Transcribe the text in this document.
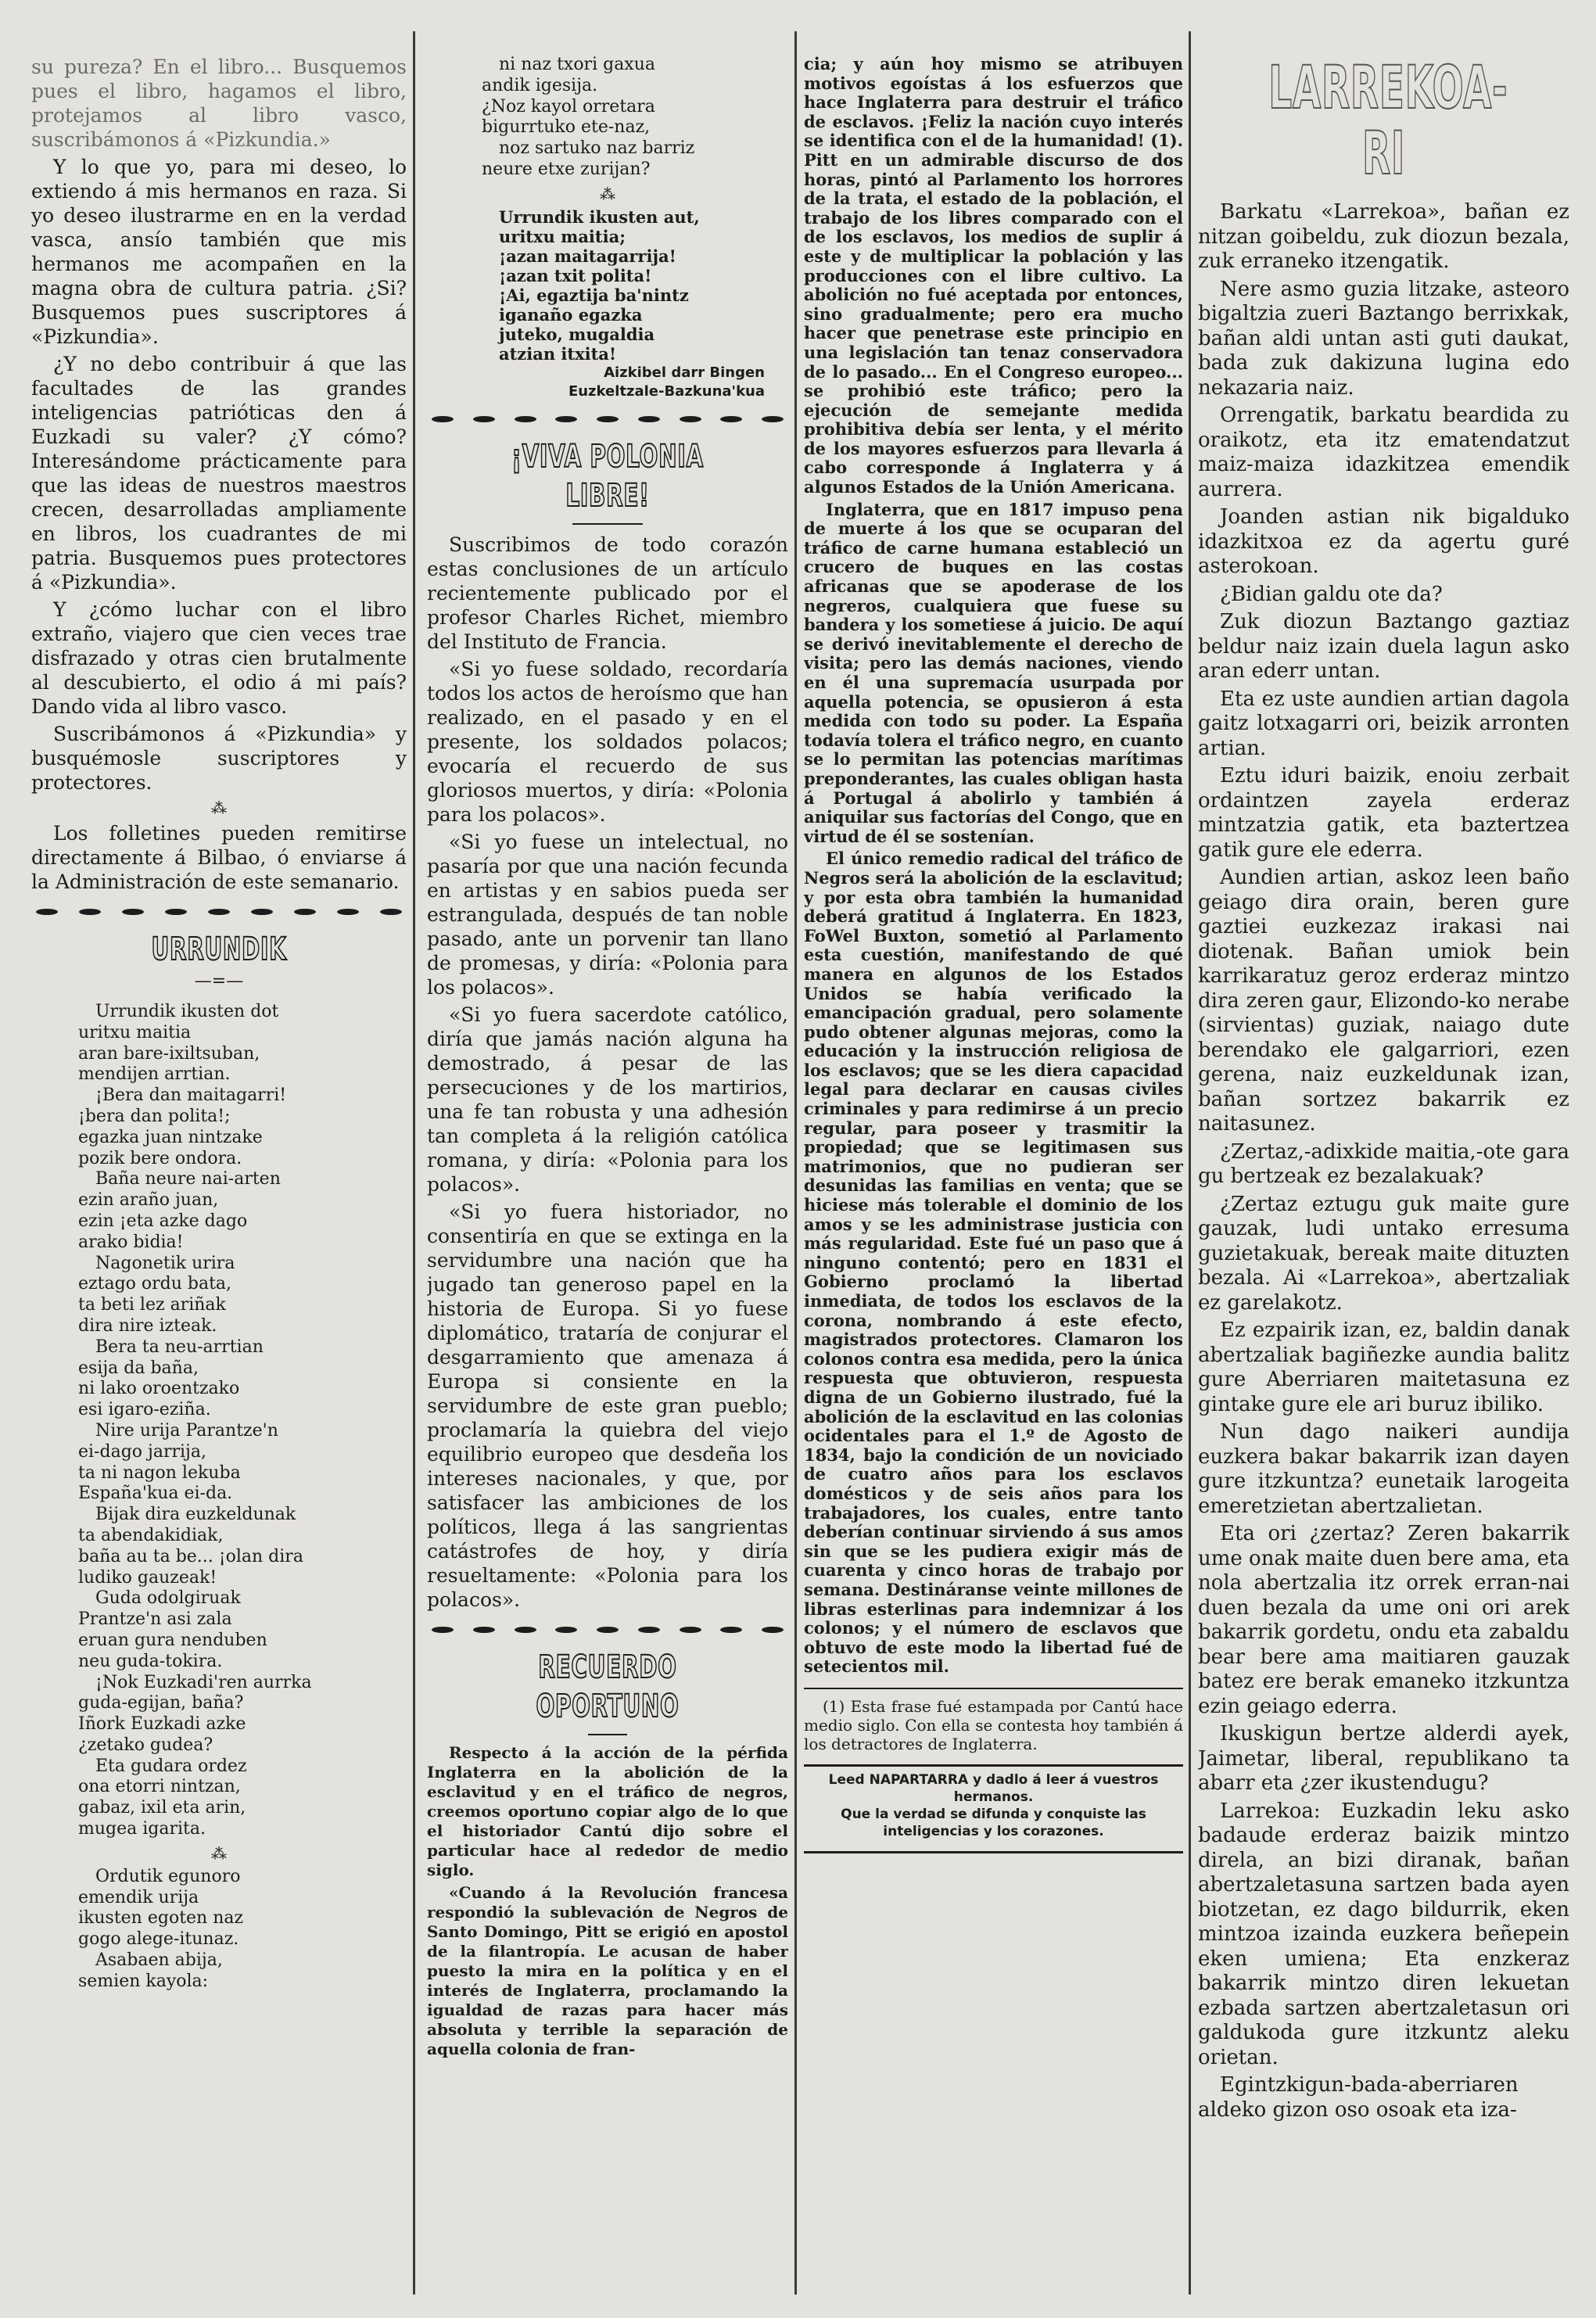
su pureza? En el libro... Busquemos pues el libro, hagamos el libro, protejamos al libro vasco, suscribámonos á «Pizkundia.»

Y lo que yo, para mi deseo, lo extiendo á mis hermanos en raza. Si yo deseo ilustrarme en en la verdad vasca, ansío también que mis hermanos me acompañen en la magna obra de cultura patria. ¿Si? Busquemos pues suscriptores á «Pizkundia».

¿Y no debo contribuir á que las facultades de las grandes inteligencias patrióticas den á Euzkadi su valer? ¿Y cómo? Interesándome prácticamente para que las ideas de nuestros maestros crecen, desarrolladas ampliamente en libros, los cuadrantes de mi patria. Busquemos pues protectores á «Pizkundia».

Y ¿cómo luchar con el libro extraño, viajero que cien veces trae disfrazado y otras cien brutalmente al descubierto, el odio á mi país? Dando vida al libro vasco.

Suscribámonos á «Pizkundia» y busquémosle suscriptores y protectores.

⁂

Los folletines pueden remitirse directamente á Bilbao, ó enviarse á la Administración de este semanario.

URRUNDIK
—=—
Urrundik ikusten dot
uritxu maitia
aran bare-ixiltsuban,
mendijen arrtian.
¡Bera dan maitagarri!
¡bera dan polita!;
egazka juan nintzake
pozik bere ondora.
Baña neure nai-arten
ezin araño juan,
ezin ¡eta azke dago
arako bidia!
Nagonetik urira
eztago ordu bata,
ta beti lez ariñak
dira nire izteak.
Bera ta neu-arrtian
esija da baña,
ni lako oroentzako
esi igaro-eziña.
Nire urija Parantze'n
ei-dago jarrija,
ta ni nagon lekuba
España'kua ei-da.
Bijak dira euzkeldunak
ta abendakidiak,
baña au ta be... ¡olan dira
ludiko gauzeak!
Guda odolgiruak
Prantze'n asi zala
eruan gura nenduben
neu guda-tokira.
¡Nok Euzkadi'ren aurrka
guda-egijan, baña?
Iñork Euzkadi azke
¿zetako gudea?
Eta gudara ordez
ona etorri nintzan,
gabaz, ixil eta arin,
mugea igarita.
⁂
Ordutik egunoro
emendik urija
ikusten egoten naz
gogo alege-itunaz.
Asabaen abija,
semien kayola:
ni naz txori gaxua
andik igesija.
¿Noz kayol orretara
bigurrtuko ete-naz,
noz sartuko naz barriz
neure etxe zurijan?
⁂
Urrundik ikusten aut,
uritxu maitia;
¡azan maitagarrija!
¡azan txit polita!
¡Ai, egaztija ba'nintz
iganaño egazka
juteko, mugaldia
atzian itxita!
Aizkibel darr Bingen
Euzkeltzale-Bazkuna'kua
¡VIVA POLONIA LIBRE!

Suscribimos de todo corazón estas conclusiones de un artículo recientemente publicado por el profesor Charles Richet, miembro del Instituto de Francia.

«Si yo fuese soldado, recordaría todos los actos de heroísmo que han realizado, en el pasado y en el presente, los soldados polacos; evocaría el recuerdo de sus gloriosos muertos, y diría: «Polonia para los polacos».

«Si yo fuese un intelectual, no pasaría por que una nación fecunda en artistas y en sabios pueda ser estrangulada, después de tan noble pasado, ante un porvenir tan llano de promesas, y diría: «Polonia para los polacos».

«Si yo fuera sacerdote católico, diría que jamás nación alguna ha demostrado, á pesar de las persecuciones y de los martirios, una fe tan robusta y una adhesión tan completa á la religión católica romana, y diría: «Polonia para los polacos».

«Si yo fuera historiador, no consentiría en que se extinga en la servidumbre una nación que ha jugado tan generoso papel en la historia de Europa. Si yo fuese diplomático, trataría de conjurar el desgarramiento que amenaza á Europa si consiente en la servidumbre de este gran pueblo; proclamaría la quiebra del viejo equilibrio europeo que desdeña los intereses nacionales, y que, por satisfacer las ambiciones de los políticos, llega á las sangrientas catástrofes de hoy, y diría resueltamente: «Polonia para los polacos».

RECUERDO OPORTUNO

Respecto á la acción de la pérfida Inglaterra en la abolición de la esclavitud y en el tráfico de negros, creemos oportuno copiar algo de lo que el historiador Cantú dijo sobre el particular hace al rededor de medio siglo.

«Cuando á la Revolución francesa respondió la sublevación de Negros de Santo Domingo, Pitt se erigió en apostol de la filantropía. Le acusan de haber puesto la mira en la política y en el interés de Inglaterra, proclamando la igualdad de razas para hacer más absoluta y terrible la separación de aquella colonia de fran-

cia; y aún hoy mismo se atribuyen motivos egoístas á los esfuerzos que hace Inglaterra para destruir el tráfico de esclavos. ¡Feliz la nación cuyo interés se identifica con el de la humanidad! (1). Pitt en un admirable discurso de dos horas, pintó al Parlamento los horrores de la trata, el estado de la población, el trabajo de los libres comparado con el de los esclavos, los medios de suplir á este y de multiplicar la población y las producciones con el libre cultivo. La abolición no fué aceptada por entonces, sino gradualmente; pero era mucho hacer que penetrase este principio en una legislación tan tenaz conservadora de lo pasado... En el Congreso europeo... se prohibió este tráfico; pero la ejecución de semejante medida prohibitiva debía ser lenta, y el mérito de los mayores esfuerzos para llevarla á cabo corresponde á Inglaterra y á algunos Estados de la Unión Americana.

Inglaterra, que en 1817 impuso pena de muerte á los que se ocuparan del tráfico de carne humana estableció un crucero de buques en las costas africanas que se apoderase de los negreros, cualquiera que fuese su bandera y los sometiese á juicio. De aquí se derivó inevitablemente el derecho de visita; pero las demás naciones, viendo en él una supremacía usurpada por aquella potencia, se opusieron á esta medida con todo su poder. La España todavía tolera el tráfico negro, en cuanto se lo permitan las potencias marítimas preponderantes, las cuales obligan hasta á Portugal á abolirlo y también á aniquilar sus factorías del Congo, que en virtud de él se sostenían.

El único remedio radical del tráfico de Negros será la abolición de la esclavitud; y por esta obra también la humanidad deberá gratitud á Inglaterra. En 1823, FoWel Buxton, sometió al Parlamento esta cuestión, manifestando de qué manera en algunos de los Estados Unidos se había verificado la emancipación gradual, pero solamente pudo obtener algunas mejoras, como la educación y la instrucción religiosa de los esclavos; que se les diera capacidad legal para declarar en causas civiles criminales y para redimirse á un precio regular, para poseer y trasmitir la propiedad; que se legitimasen sus matrimonios, que no pudieran ser desunidas las familias en venta; que se hiciese más tolerable el dominio de los amos y se les administrase justicia con más regularidad. Este fué un paso que á ninguno contentó; pero en 1831 el Gobierno proclamó la libertad inmediata, de todos los esclavos de la corona, nombrando á este efecto, magistrados protectores. Clamaron los colonos contra esa medida, pero la única respuesta que obtuvieron, respuesta digna de un Gobierno ilustrado, fué la abolición de la esclavitud en las colonias ocidentales para el 1.º de Agosto de 1834, bajo la condición de un noviciado de cuatro años para los esclavos domésticos y de seis años para los trabajadores, los cuales, entre tanto deberían continuar sirviendo á sus amos sin que se les pudiera exigir más de cuarenta y cinco horas de trabajo por semana. Destináranse veinte millones de libras esterlinas para indemnizar á los colonos; y el número de esclavos que obtuvo de este modo la libertad fué de setecientos mil.

(1) Esta frase fué estampada por Cantú hace medio siglo. Con ella se contesta hoy también á los detractores de Inglaterra.

Leed NAPARTARRA y dadlo á leer á vuestros hermanos.
Que la verdad se difunda y conquiste las inteligencias y los corazones.
LARREKOA-RI

Barkatu «Larrekoa», bañan ez nitzan goibeldu, zuk diozun bezala, zuk erraneko itzengatik.

Nere asmo guzia litzake, asteoro bigaltzia zueri Baztango berrixkak, bañan aldi untan asti guti daukat, bada zuk dakizuna lugina edo nekazaria naiz.

Orrengatik, barkatu beardida zu oraikotz, eta itz ematendatzut maiz-maiza idazkitzea emendik aurrera.

Joanden astian nik bigalduko idazkitxoa ez da agertu guré asterokoan.

¿Bidian galdu ote da?

Zuk diozun Baztango gaztiaz beldur naiz izain duela lagun asko aran ederr untan.

Eta ez uste aundien artian dagola gaitz lotxagarri ori, beizik arronten artian.

Eztu iduri baizik, enoiu zerbait ordaintzen zayela erderaz mintzatzia gatik, eta baztertzea gatik gure ele ederra.

Aundien artian, askoz leen baño geiago dira orain, beren gure gaztiei euzkezaz irakasi nai diotenak. Bañan umiok bein karrikaratuz geroz erderaz mintzo dira zeren gaur, Elizondo-ko nerabe (sirvientas) guziak, naiago dute berendako ele galgarriori, ezen gerena, naiz euzkeldunak izan, bañan sortzez bakarrik ez naitasunez.

¿Zertaz,-adixkide maitia,-ote gara gu bertzeak ez bezalakuak?

¿Zertaz eztugu guk maite gure gauzak, ludi untako erresuma guzietakuak, bereak maite dituzten bezala. Ai «Larrekoa», abertzaliak ez garelakotz.

Ez ezpairik izan, ez, baldin danak abertzaliak bagiñezke aundia balitz gure Aberriaren maitetasuna ez gintake gure ele ari buruz ibiliko.

Nun dago naikeri aundija euzkera bakar bakarrik izan dayen gure itzkuntza? eunetaik larogeita emeretzietan abertzalietan.

Eta ori ¿zertaz? Zeren bakarrik ume onak maite duen bere ama, eta nola abertzalia itz orrek erran-nai duen bezala da ume oni ori arek bakarrik gordetu, ondu eta zabaldu bear bere ama maitiaren gauzak batez ere berak emaneko itzkuntza ezin geiago ederra.

Ikuskigun bertze alderdi ayek, Jaimetar, liberal, republikano ta abarr eta ¿zer ikustendugu?

Larrekoa: Euzkadin leku asko badaude erderaz baizik mintzo direla, an bizi diranak, bañan abertzaletasuna sartzen bada ayen biotzetan, ez dago bildurrik, eken mintzoa izainda euzkera beñepein eken umiena; Eta enzkeraz bakarrik mintzo diren lekuetan ezbada sartzen abertzaletasun ori galdukoda gure itzkuntz aleku orietan.

Egintzkigun-bada-aberriaren aldeko gizon oso osoak eta iza-
